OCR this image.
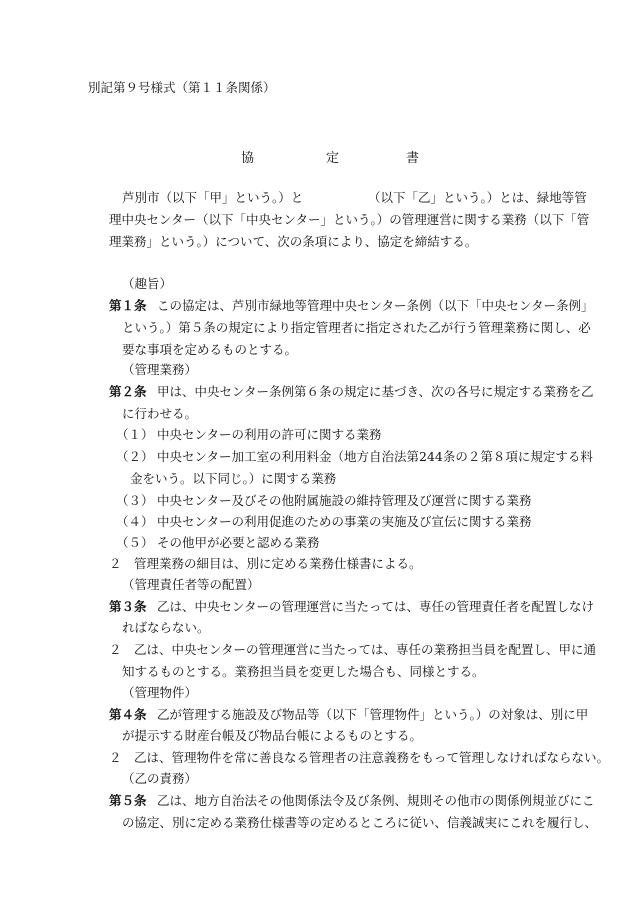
別記第９号様式（第１１条関係）
協	定	書
芦別市（以下「甲」という。）と	（以下「乙」という。）とは、緑地等管
理中央センター（以下「中央センター」という。）の管理運営に関する業務（以下「管
理業務」という。）について、次の条項により、協定を締結する。
（趣旨）
第１条 この協定は、芦別市緑地等管理中央センター条例（以下「中央センター条例」
という。）第５条の規定により指定管理者に指定された乙が行う管理業務に関し、必
要な事項を定めるものとする。
（管理業務）
第２条 甲は、中央センター条例第６条の規定に基づき、次の各号に規定する業務を乙
に行わせる。
（１） 中央センターの利用の許可に関する業務
（２） 中央センター加工室の利用料金（地方自治法第244条の２第８項に規定する料
金をいう。以下同じ。）に関する業務
（３） 中央センター及びその他附属施設の維持管理及び運営に関する業務
（４） 中央センターの利用促進のための事業の実施及び宣伝に関する業務
（５） その他甲が必要と認める業務
２　管理業務の細目は、別に定める業務仕様書による。
（管理責任者等の配置）
第３条 乙は、中央センターの管理運営に当たっては、専任の管理責任者を配置しなけ
ればならない。
２　乙は、中央センターの管理運営に当たっては、専任の業務担当員を配置し、甲に通
知するものとする。業務担当員を変更した場合も、同様とする。
（管理物件）
第４条 乙が管理する施設及び物品等（以下「管理物件」という。）の対象は、別に甲
が提示する財産台帳及び物品台帳によるものとする。
２　乙は、管理物件を常に善良なる管理者の注意義務をもって管理しなければならない。
（乙の責務）
第５条 乙は、地方自治法その他関係法令及び条例、規則その他市の関係例規並びにこ
の協定、別に定める業務仕様書等の定めるところに従い、信義誠実にこれを履行し、
